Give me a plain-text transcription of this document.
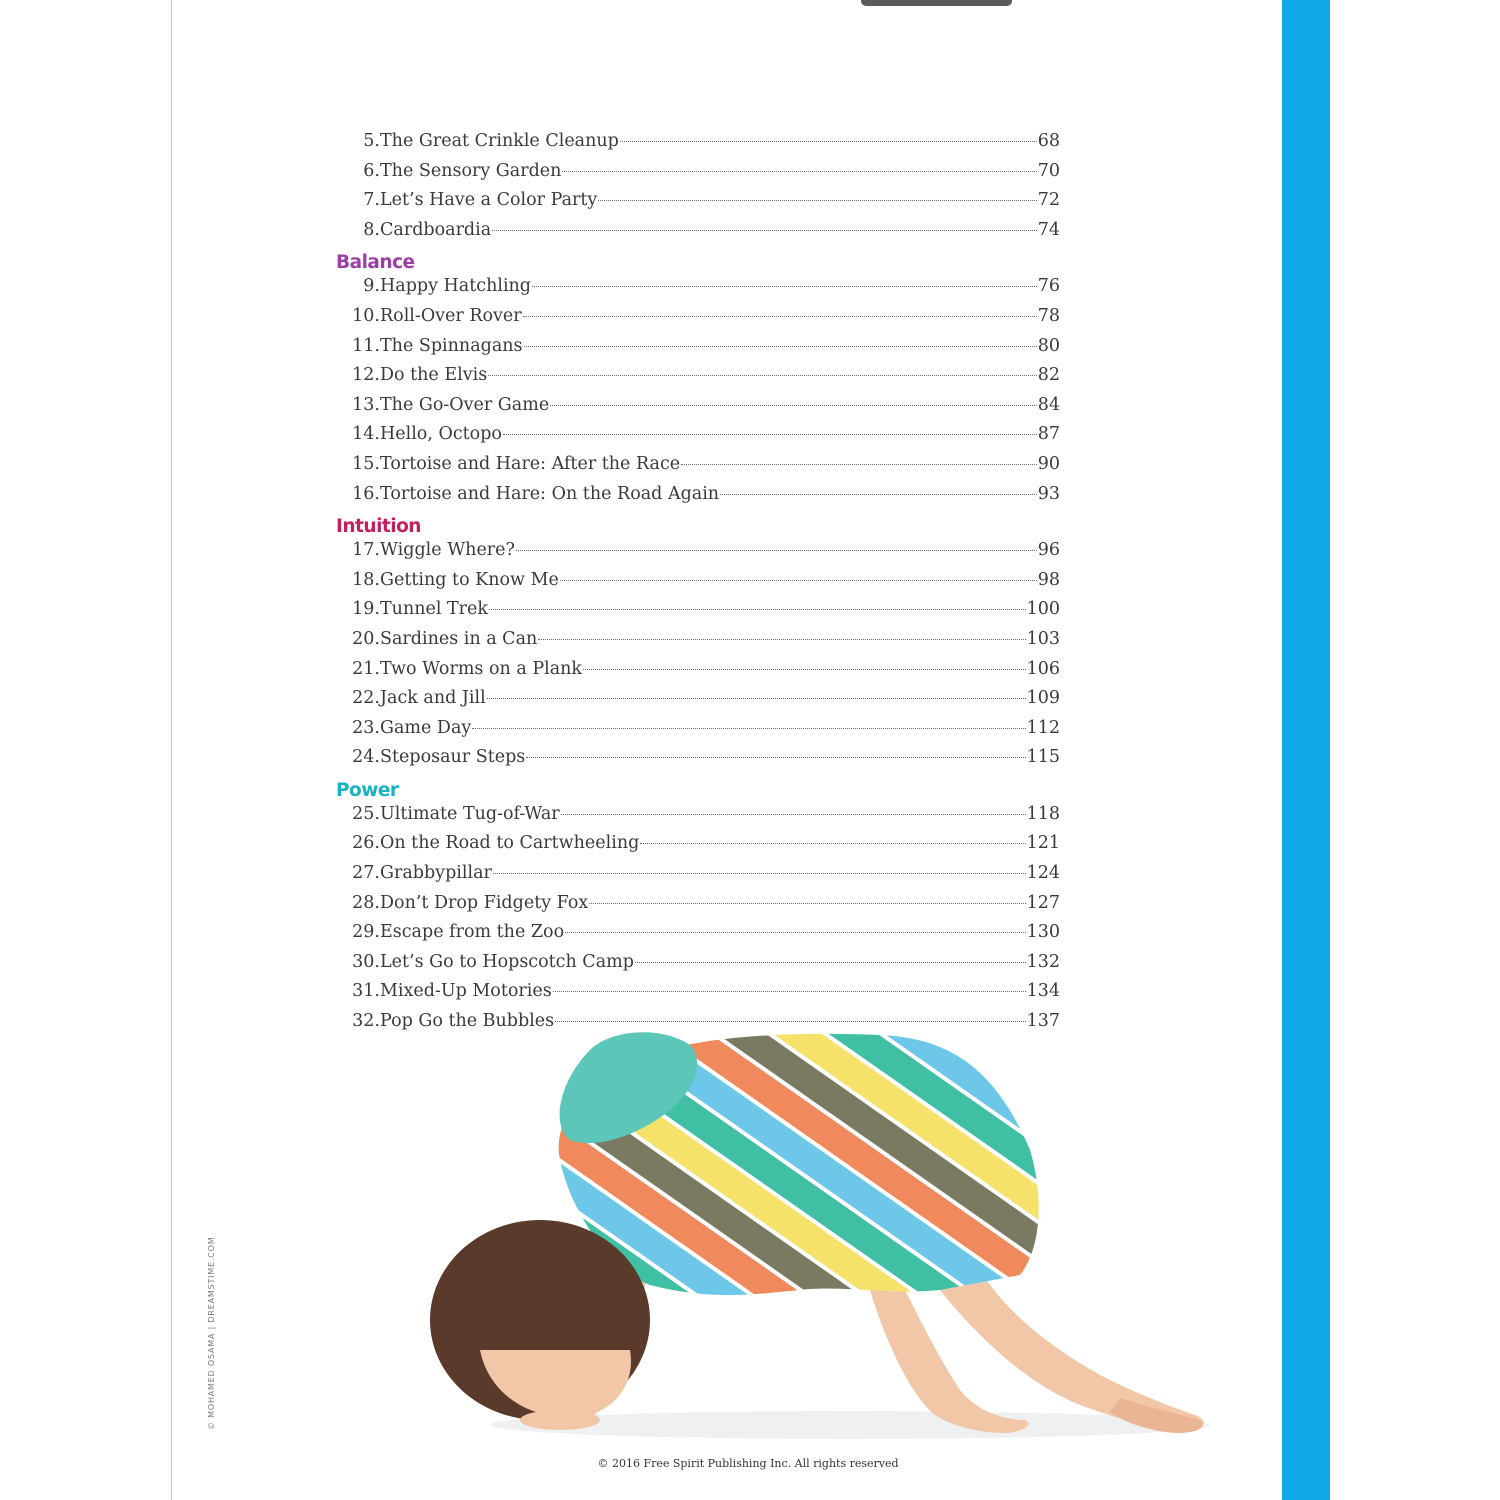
5. The Great Crinkle Cleanup	68
6. The Sensory Garden	70
7. Let’s Have a Color Party	72
8. Cardboardia	74
Balance
9. Happy Hatchling	76
10. Roll-Over Rover	78
11. The Spinnagans	80
12. Do the Elvis	82
13. The Go-Over Game	84
14. Hello, Octopo	87
15. Tortoise and Hare: After the Race	90
16. Tortoise and Hare: On the Road Again	93
Intuition
17. Wiggle Where?	96
18. Getting to Know Me	98
19. Tunnel Trek	100
20. Sardines in a Can	103
21. Two Worms on a Plank	106
22. Jack and Jill	109
23. Game Day	112
24. Steposaur Steps	115
Power
25. Ultimate Tug-of-War	118
26. On the Road to Cartwheeling	121
27. Grabbypillar	124
28. Don’t Drop Fidgety Fox	127
29. Escape from the Zoo	130
30. Let’s Go to Hopscotch Camp	132
31. Mixed-Up Motories	134
32. Pop Go the Bubbles	137
© MOHAMED OSAMA | DREAMSTIME.COM
© 2016 Free Spirit Publishing Inc. All rights reserved
